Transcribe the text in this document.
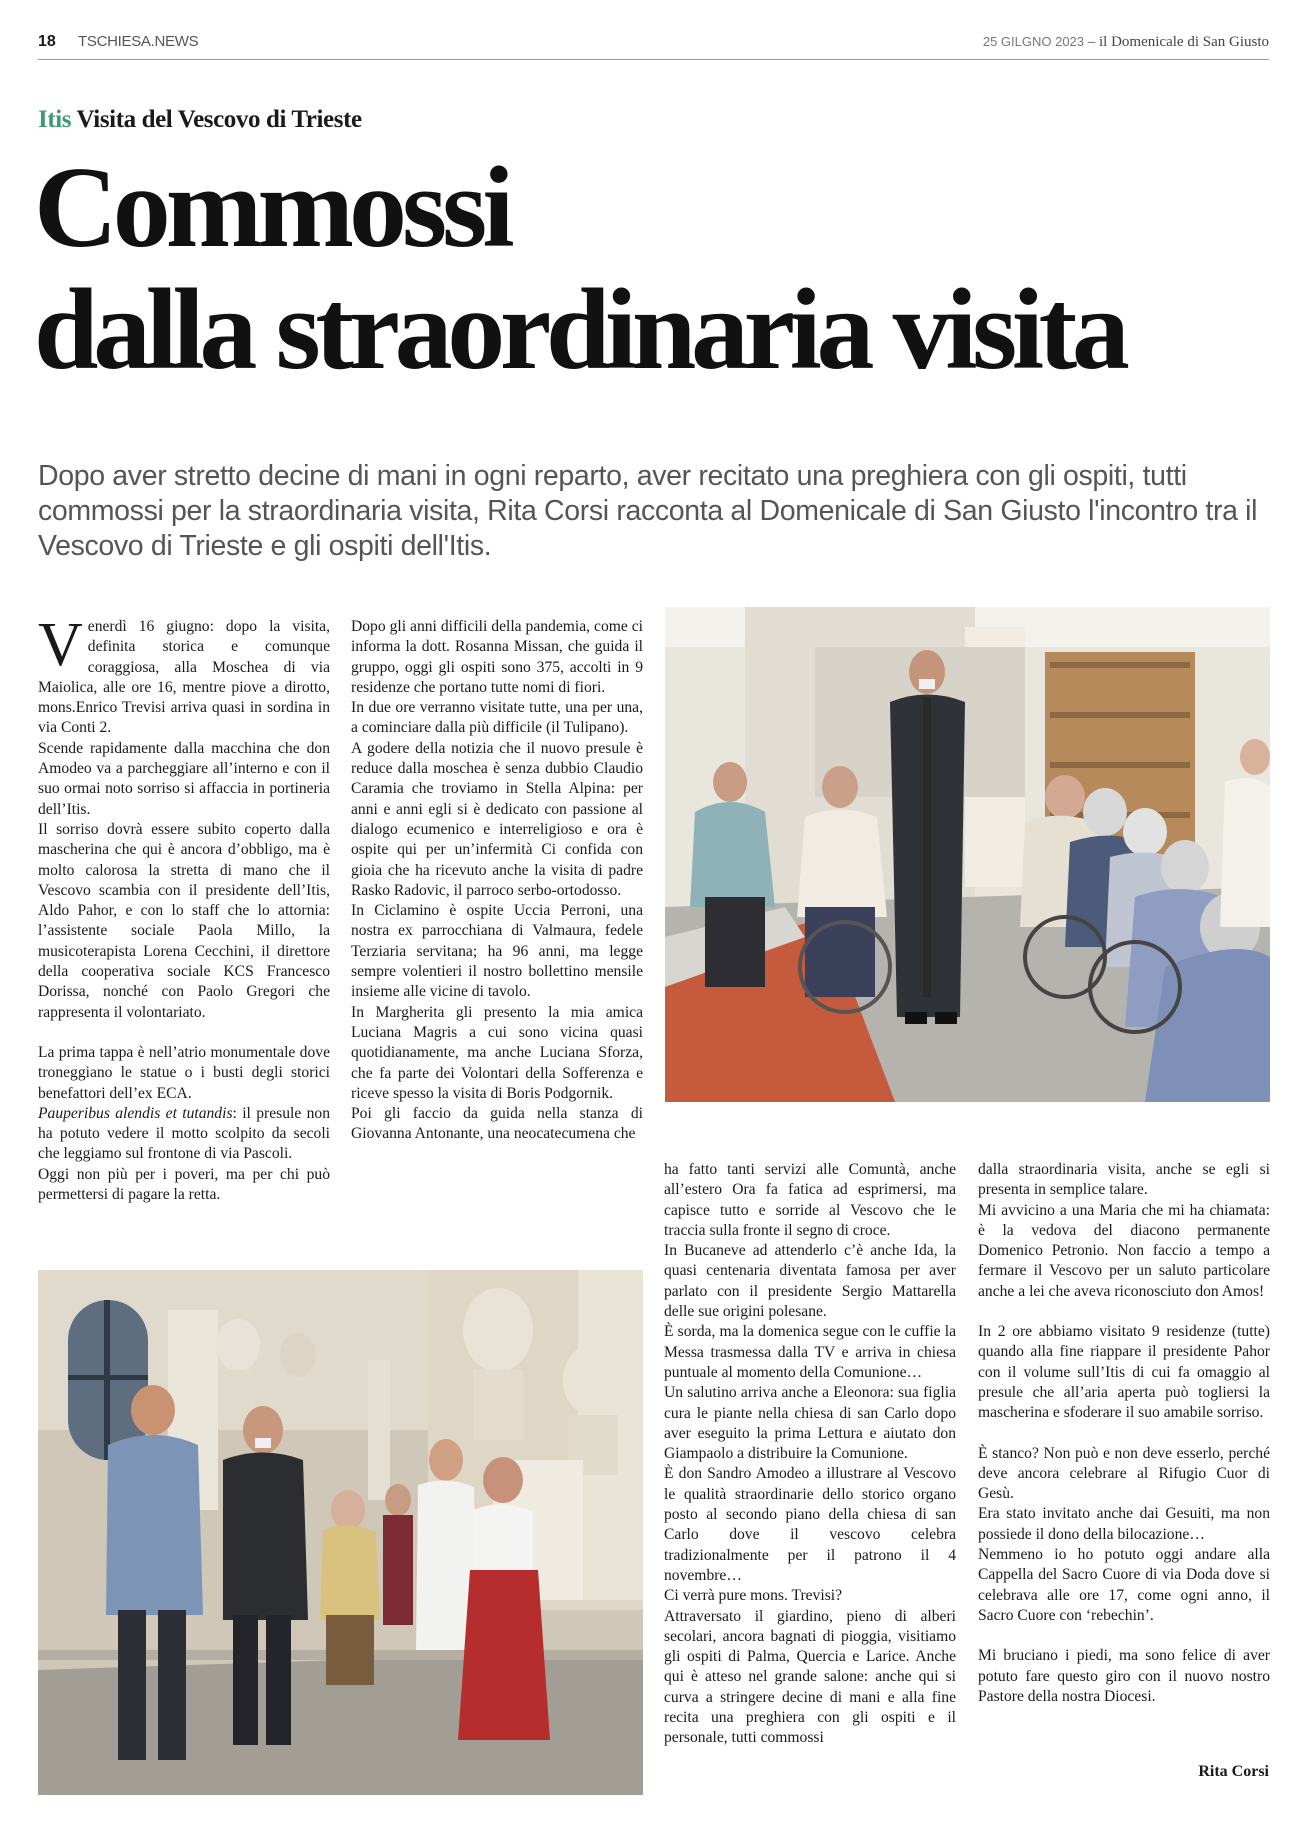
18 TSCHIESA.NEWS	25 GILGNO 2023 – il Domenicale di San Giusto
Itis Visita del Vescovo di Trieste
Commossi
dalla straordinaria visita
Dopo aver stretto decine di mani in ogni reparto, aver recitato una preghiera con gli ospiti, tutti commossi per la straordinaria visita, Rita Corsi racconta al Domenicale di San Giusto l'incontro tra il Vescovo di Trieste e gli ospiti dell'Itis.
V enerdì 16 giugno: dopo la visita, definita storica e comunque coraggiosa, alla Moschea di via Maiolica, alle ore 16, mentre piove a dirotto, mons.Enrico Trevisi arriva quasi in sordina in via Conti 2.

Scende rapidamente dalla macchina che don Amodeo va a parcheggiare all’interno e con il suo ormai noto sorriso si affaccia in portineria dell’Itis.

Il sorriso dovrà essere subito coperto dalla mascherina che qui è ancora d’obbligo, ma è molto calorosa la stretta di mano che il Vescovo scambia con il presidente dell’Itis, Aldo Pahor, e con lo staff che lo attornia: l’assistente sociale Paola Millo, la musicoterapista Lorena Cecchini, il direttore della cooperativa sociale KCS Francesco Dorissa, nonché con Paolo Gregori che rappresenta il volontariato.

La prima tappa è nell’atrio monumentale dove troneggiano le statue o i busti degli storici benefattori dell’ex ECA.

Pauperibus alendis et tutandis: il presule non ha potuto vedere il motto scolpito da secoli che leggiamo sul frontone di via Pascoli.

Oggi non più per i poveri, ma per chi può permettersi di pagare la retta.

Dopo gli anni difficili della pandemia, come ci informa la dott. Rosanna Missan, che guida il gruppo, oggi gli ospiti sono 375, accolti in 9 residenze che portano tutte nomi di fiori.

In due ore verranno visitate tutte, una per una, a cominciare dalla più difficile (il Tulipano).

A godere della notizia che il nuovo presule è reduce dalla moschea è senza dubbio Claudio Caramia che troviamo in Stella Alpina: per anni e anni egli si è dedicato con passione al dialogo ecumenico e interreligioso e ora è ospite qui per un’infermità Ci confida con gioia che ha ricevuto anche la visita di padre Rasko Radovic, il parroco serbo-ortodosso.

In Ciclamino è ospite Uccia Perroni, una nostra ex parrocchiana di Valmaura, fedele Terziaria servitana; ha 96 anni, ma legge sempre volentieri il nostro bollettino mensile insieme alle vicine di tavolo.

In Margherita gli presento la mia amica Luciana Magris a cui sono vicina quasi quotidianamente, ma anche Luciana Sforza, che fa parte dei Volontari della Sofferenza e riceve spesso la visita di Boris Podgornik.

Poi gli faccio da guida nella stanza di Giovanna Antonante, una neocatecumena che

ha fatto tanti servizi alle Comuntà, anche all’estero Ora fa fatica ad esprimersi, ma capisce tutto e sorride al Vescovo che le traccia sulla fronte il segno di croce.

In Bucaneve ad attenderlo c’è anche Ida, la quasi centenaria diventata famosa per aver parlato con il presidente Sergio Mattarella delle sue origini polesane.

È sorda, ma la domenica segue con le cuffie la Messa trasmessa dalla TV e arriva in chiesa puntuale al momento della Comunione…

Un salutino arriva anche a Eleonora: sua figlia cura le piante nella chiesa di san Carlo dopo aver eseguito la prima Lettura e aiutato don Giampaolo a distribuire la Comunione.

È don Sandro Amodeo a illustrare al Vescovo le qualità straordinarie dello storico organo posto al secondo piano della chiesa di san Carlo dove il vescovo celebra tradizionalmente per il patrono il 4 novembre…

Ci verrà pure mons. Trevisi?

Attraversato il giardino, pieno di alberi secolari, ancora bagnati di pioggia, visitiamo gli ospiti di Palma, Quercia e Larice. Anche qui è atteso nel grande salone: anche qui si curva a stringere decine di mani e alla fine recita una preghiera con gli ospiti e il personale, tutti commossi

dalla straordinaria visita, anche se egli si presenta in semplice talare.

Mi avvicino a una Maria che mi ha chiamata: è la vedova del diacono permanente Domenico Petronio. Non faccio a tempo a fermare il Vescovo per un saluto particolare anche a lei che aveva riconosciuto don Amos!

In 2 ore abbiamo visitato 9 residenze (tutte) quando alla fine riappare il presidente Pahor con il volume sull’Itis di cui fa omaggio al presule che all’aria aperta può togliersi la mascherina e sfoderare il suo amabile sorriso.

È stanco? Non può e non deve esserlo, perché deve ancora celebrare al Rifugio Cuor di Gesù.

Era stato invitato anche dai Gesuiti, ma non possiede il dono della bilocazione…

Nemmeno io ho potuto oggi andare alla Cappella del Sacro Cuore di via Doda dove si celebrava alle ore 17, come ogni anno, il Sacro Cuore con ‘rebechin’.

Mi bruciano i piedi, ma sono felice di aver potuto fare questo giro con il nuovo nostro Pastore della nostra Diocesi.

Rita Corsi
